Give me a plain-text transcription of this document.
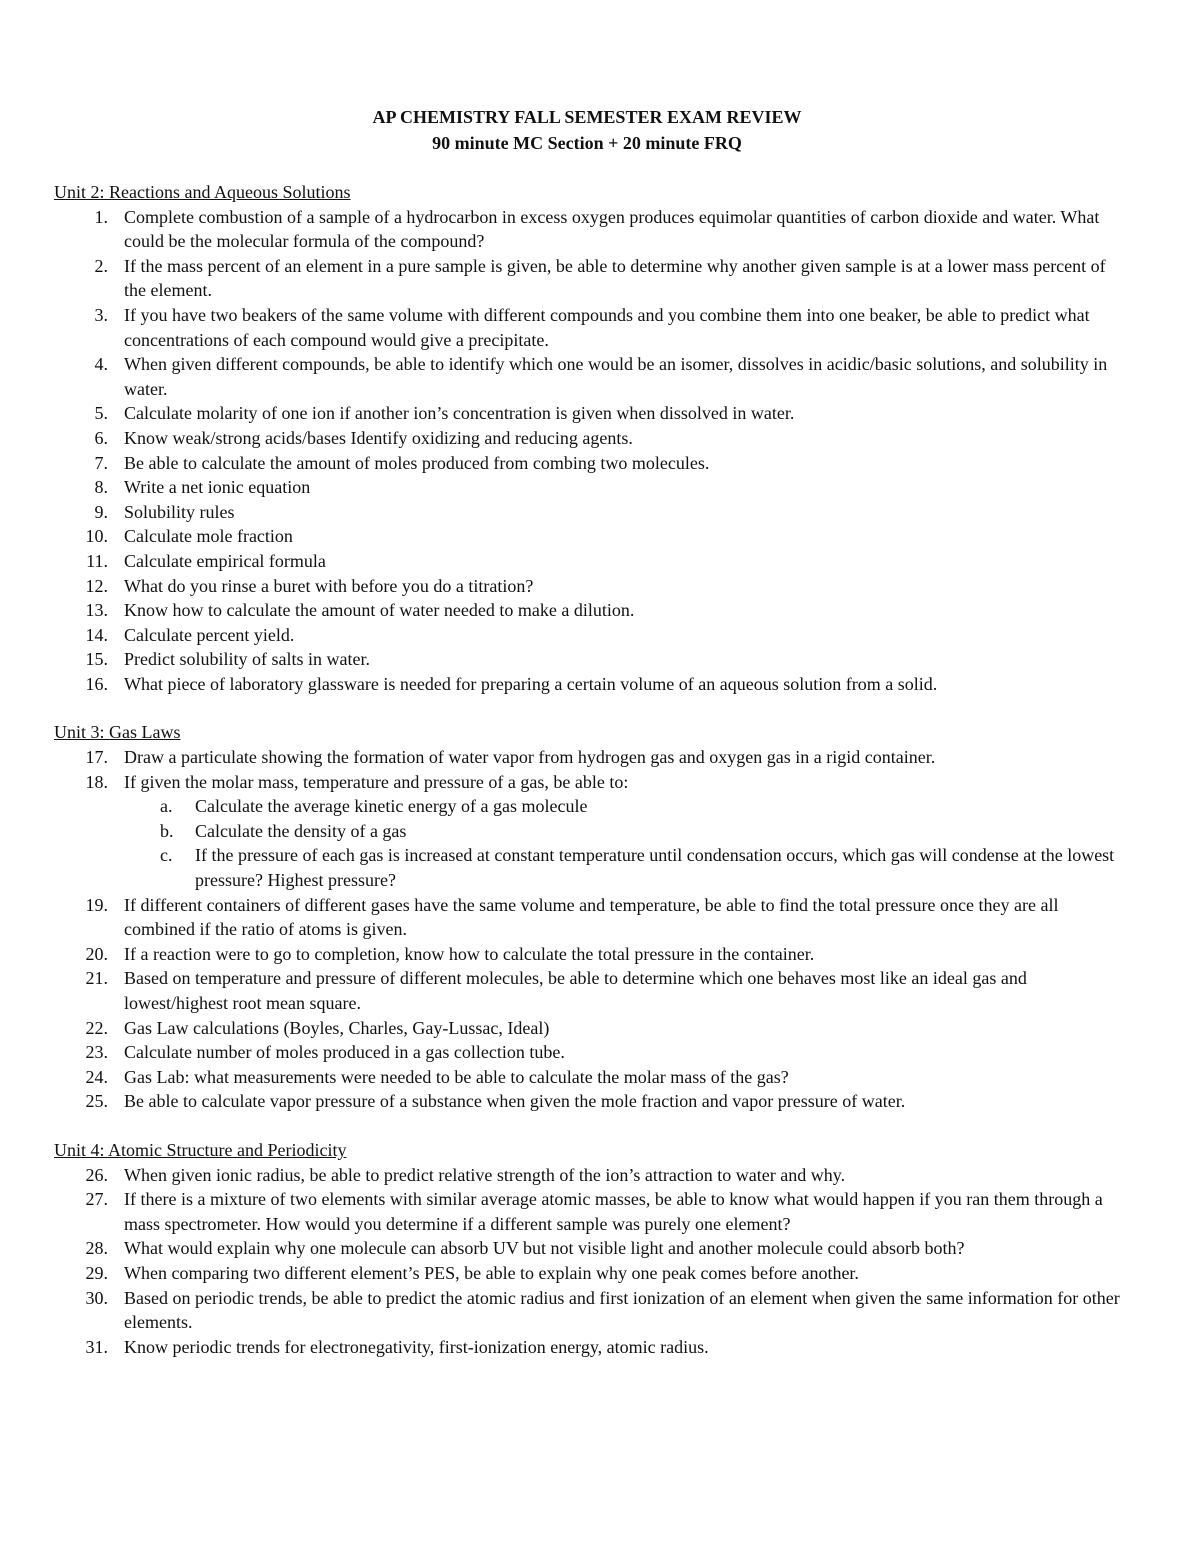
AP CHEMISTRY FALL SEMESTER EXAM REVIEW
90 minute MC Section + 20 minute FRQ

Unit 2: Reactions and Aqueous Solutions

1. Complete combustion of a sample of a hydrocarbon in excess oxygen produces equimolar quantities of carbon dioxide and water. What could be the molecular formula of the compound?
2. If the mass percent of an element in a pure sample is given, be able to determine why another given sample is at a lower mass percent of the element.
3. If you have two beakers of the same volume with different compounds and you combine them into one beaker, be able to predict what concentrations of each compound would give a precipitate.
4. When given different compounds, be able to identify which one would be an isomer, dissolves in acidic/basic solutions, and solubility in water.
5. Calculate molarity of one ion if another ion’s concentration is given when dissolved in water.
6. Know weak/strong acids/bases Identify oxidizing and reducing agents.
7. Be able to calculate the amount of moles produced from combing two molecules.
8. Write a net ionic equation
9. Solubility rules
10. Calculate mole fraction
11. Calculate empirical formula
12. What do you rinse a buret with before you do a titration?
13. Know how to calculate the amount of water needed to make a dilution.
14. Calculate percent yield.
15. Predict solubility of salts in water.
16. What piece of laboratory glassware is needed for preparing a certain volume of an aqueous solution from a solid.

Unit 3: Gas Laws

17. Draw a particulate showing the formation of water vapor from hydrogen gas and oxygen gas in a rigid container.
18. If given the molar mass, temperature and pressure of a gas, be able to:
a. Calculate the average kinetic energy of a gas molecule
b. Calculate the density of a gas
c. If the pressure of each gas is increased at constant temperature until condensation occurs, which gas will condense at the lowest pressure? Highest pressure?
19. If different containers of different gases have the same volume and temperature, be able to find the total pressure once they are all combined if the ratio of atoms is given.
20. If a reaction were to go to completion, know how to calculate the total pressure in the container.
21. Based on temperature and pressure of different molecules, be able to determine which one behaves most like an ideal gas and lowest/highest root mean square.
22. Gas Law calculations (Boyles, Charles, Gay-Lussac, Ideal)
23. Calculate number of moles produced in a gas collection tube.
24. Gas Lab: what measurements were needed to be able to calculate the molar mass of the gas?
25. Be able to calculate vapor pressure of a substance when given the mole fraction and vapor pressure of water.

Unit 4: Atomic Structure and Periodicity

26. When given ionic radius, be able to predict relative strength of the ion’s attraction to water and why.
27. If there is a mixture of two elements with similar average atomic masses, be able to know what would happen if you ran them through a mass spectrometer. How would you determine if a different sample was purely one element?
28. What would explain why one molecule can absorb UV but not visible light and another molecule could absorb both?
29. When comparing two different element’s PES, be able to explain why one peak comes before another.
30. Based on periodic trends, be able to predict the atomic radius and first ionization of an element when given the same information for other elements.
31. Know periodic trends for electronegativity, first-ionization energy, atomic radius.
